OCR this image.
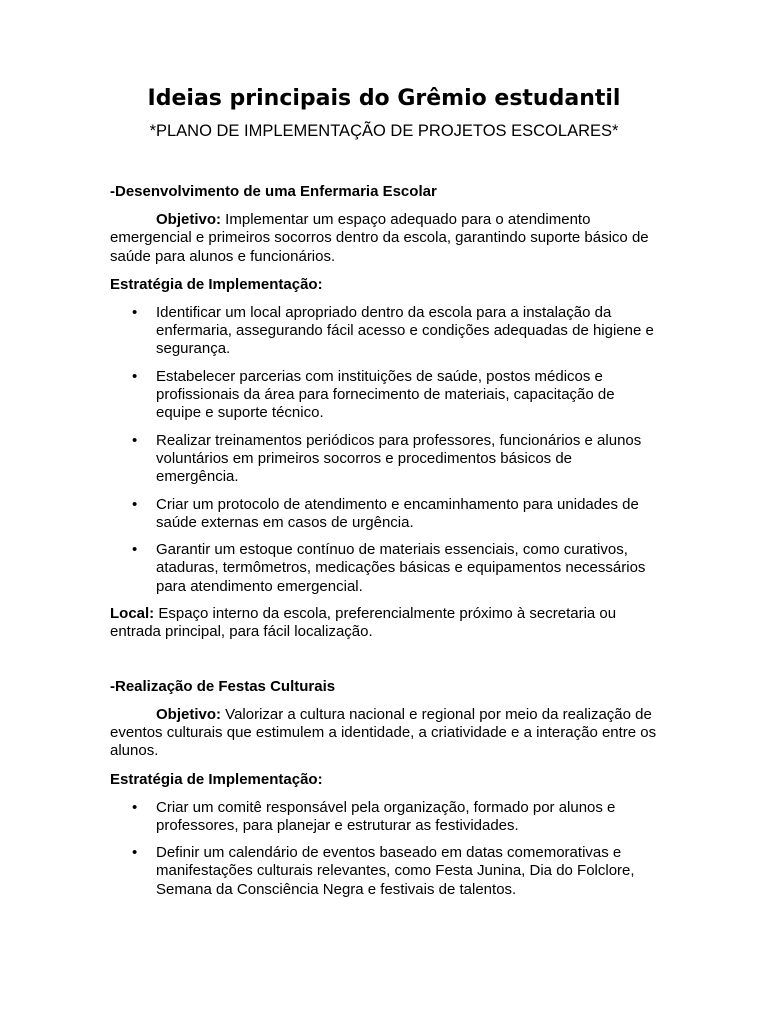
Ideias principais do Grêmio estudantil

*PLANO DE IMPLEMENTAÇÃO DE PROJETOS ESCOLARES*

-Desenvolvimento de uma Enfermaria Escolar

Objetivo: Implementar um espaço adequado para o atendimento emergencial e primeiros socorros dentro da escola, garantindo suporte básico de saúde para alunos e funcionários.

Estratégia de Implementação:

• Identificar um local apropriado dentro da escola para a instalação da enfermaria, assegurando fácil acesso e condições adequadas de higiene e segurança.
• Estabelecer parcerias com instituições de saúde, postos médicos e profissionais da área para fornecimento de materiais, capacitação de equipe e suporte técnico.
• Realizar treinamentos periódicos para professores, funcionários e alunos voluntários em primeiros socorros e procedimentos básicos de emergência.
• Criar um protocolo de atendimento e encaminhamento para unidades de saúde externas em casos de urgência.
• Garantir um estoque contínuo de materiais essenciais, como curativos, ataduras, termômetros, medicações básicas e equipamentos necessários para atendimento emergencial.

Local: Espaço interno da escola, preferencialmente próximo à secretaria ou entrada principal, para fácil localização.

-Realização de Festas Culturais

Objetivo: Valorizar a cultura nacional e regional por meio da realização de eventos culturais que estimulem a identidade, a criatividade e a interação entre os alunos.

Estratégia de Implementação:

• Criar um comitê responsável pela organização, formado por alunos e professores, para planejar e estruturar as festividades.
• Definir um calendário de eventos baseado em datas comemorativas e manifestações culturais relevantes, como Festa Junina, Dia do Folclore, Semana da Consciência Negra e festivais de talentos.
